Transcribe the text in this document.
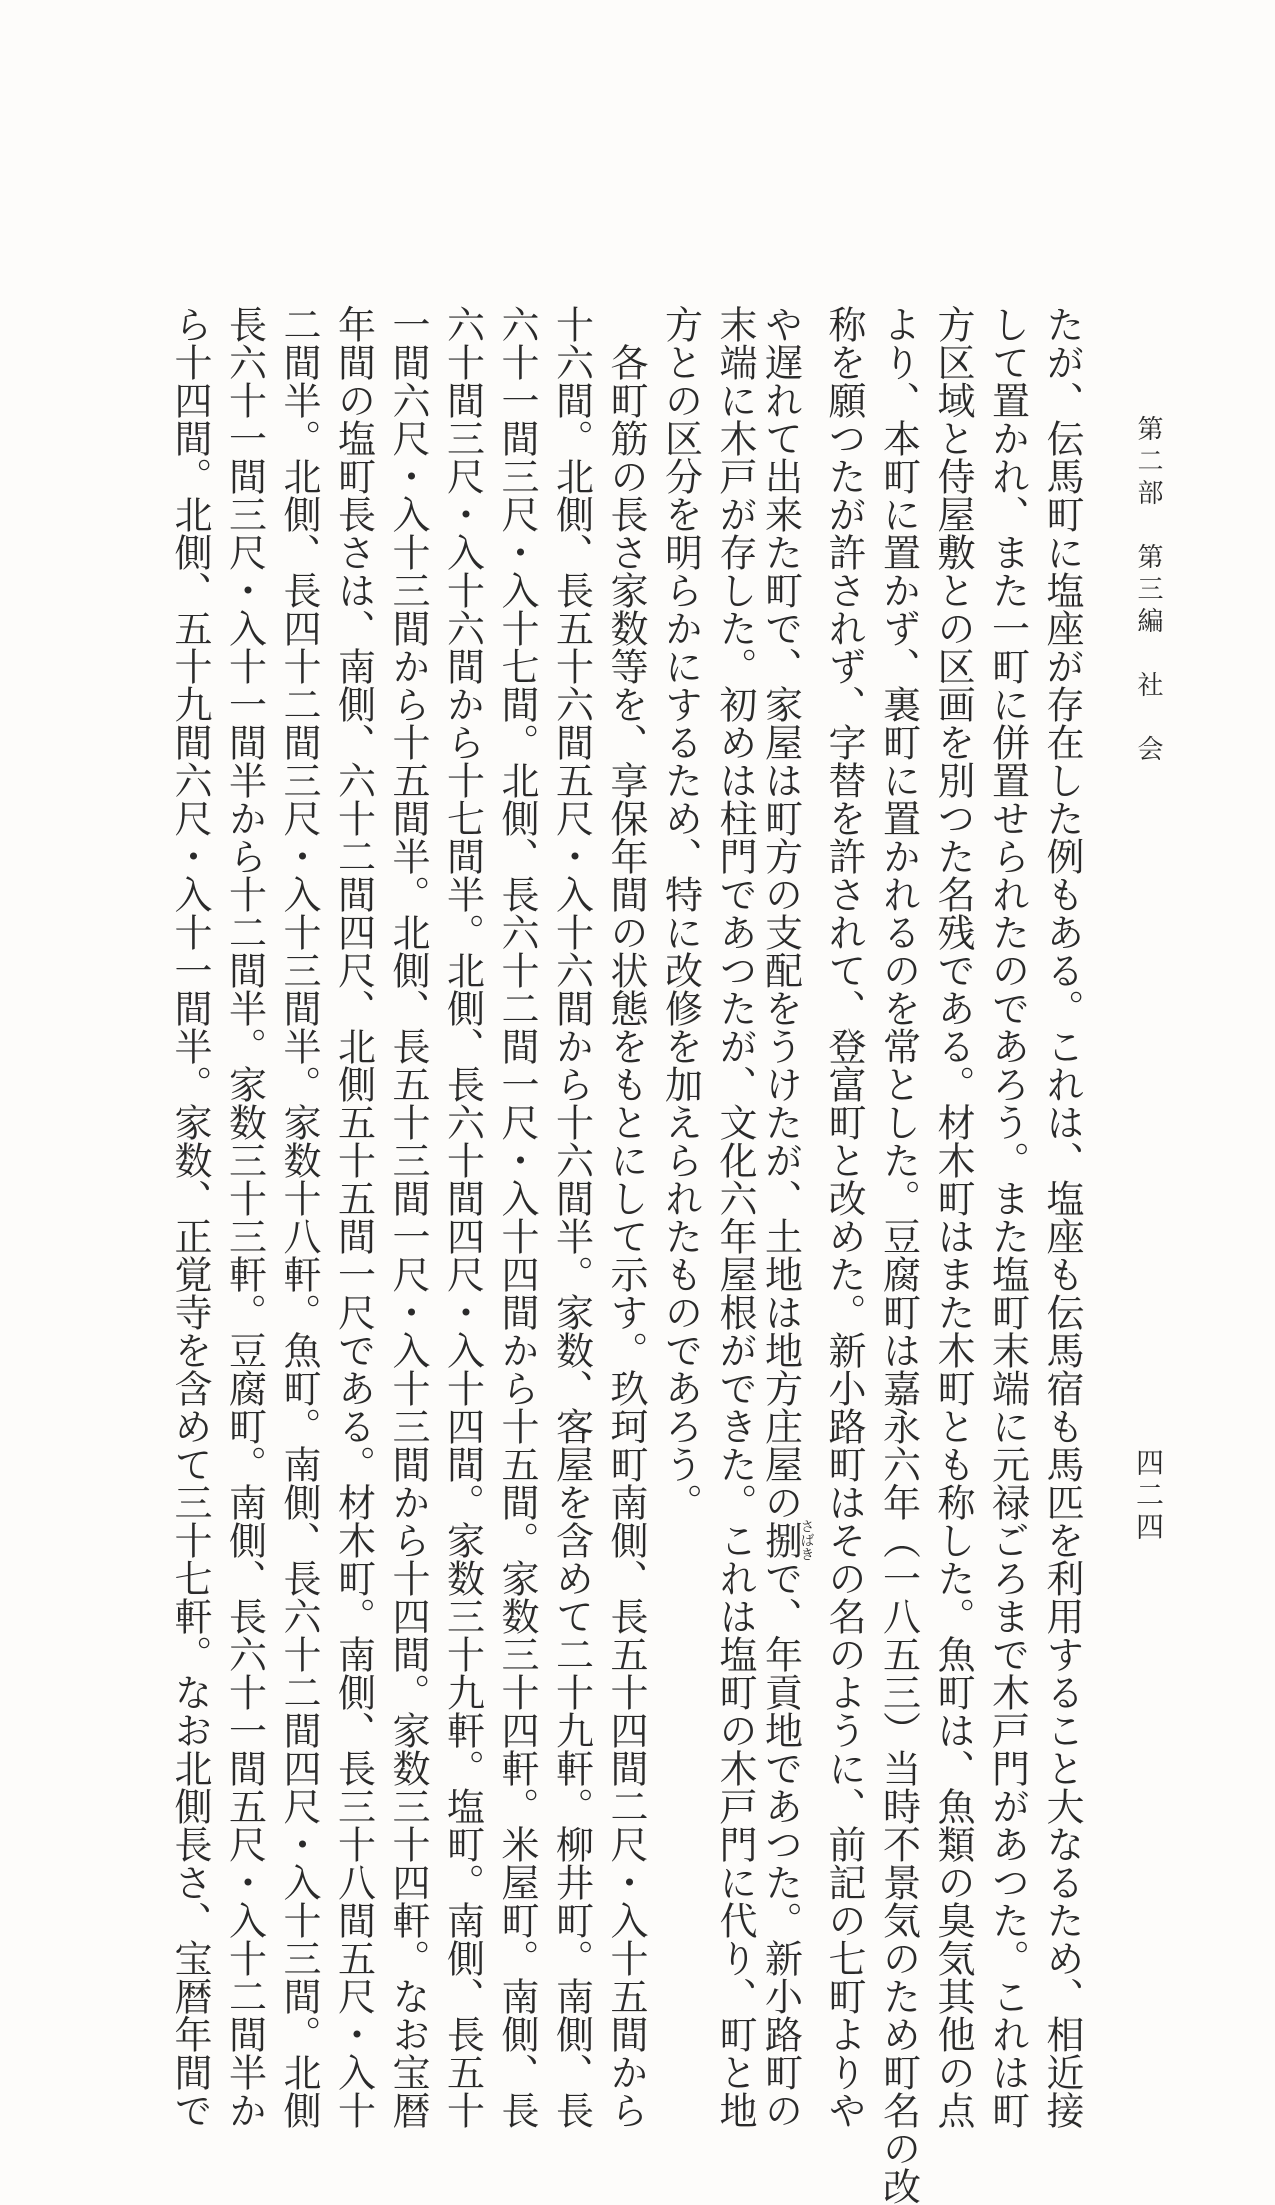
第二部　第三編　社　会
四二四
たが、伝馬町に塩座が存在した例もある。これは、塩座も伝馬宿も馬匹を利用すること大なるため、相近接
して置かれ、また一町に併置せられたのであろう。また塩町末端に元禄ごろまで木戸門があつた。これは町
方区域と侍屋敷との区画を別つた名残である。材木町はまた木町とも称した。魚町は、魚類の臭気其他の点
より、本町に置かず、裏町に置かれるのを常とした。豆腐町は嘉永六年（一八五三）当時不景気のため町名の改
称を願つたが許されず、字替を許されて、登富町と改めた。新小路町はその名のように、前記の七町よりや
や遅れて出来た町で、家屋は町方の支配をうけたが、土地は地方庄屋の捌さばきで、年貢地であつた。新小路町の
末端に木戸が存した。初めは柱門であつたが、文化六年屋根ができた。これは塩町の木戸門に代り、町と地
方との区分を明らかにするため、特に改修を加えられたものであろう。
各町筋の長さ家数等を、享保年間の状態をもとにして示す。玖珂町南側、長五十四間二尺・入十五間から
十六間。北側、長五十六間五尺・入十六間から十六間半。家数、客屋を含めて二十九軒。柳井町。南側、長
六十一間三尺・入十七間。北側、長六十二間一尺・入十四間から十五間。家数三十四軒。米屋町。南側、長
六十間三尺・入十六間から十七間半。北側、長六十間四尺・入十四間。家数三十九軒。塩町。南側、長五十
一間六尺・入十三間から十五間半。北側、長五十三間一尺・入十三間から十四間。家数三十四軒。なお宝暦
年間の塩町長さは、南側、六十二間四尺、北側五十五間一尺である。材木町。南側、長三十八間五尺・入十
二間半。北側、長四十二間三尺・入十三間半。家数十八軒。魚町。南側、長六十二間四尺・入十三間。北側
長六十一間三尺・入十一間半から十二間半。家数三十三軒。豆腐町。南側、長六十一間五尺・入十二間半か
ら十四間。北側、五十九間六尺・入十一間半。家数、正覚寺を含めて三十七軒。なお北側長さ、宝暦年間で
